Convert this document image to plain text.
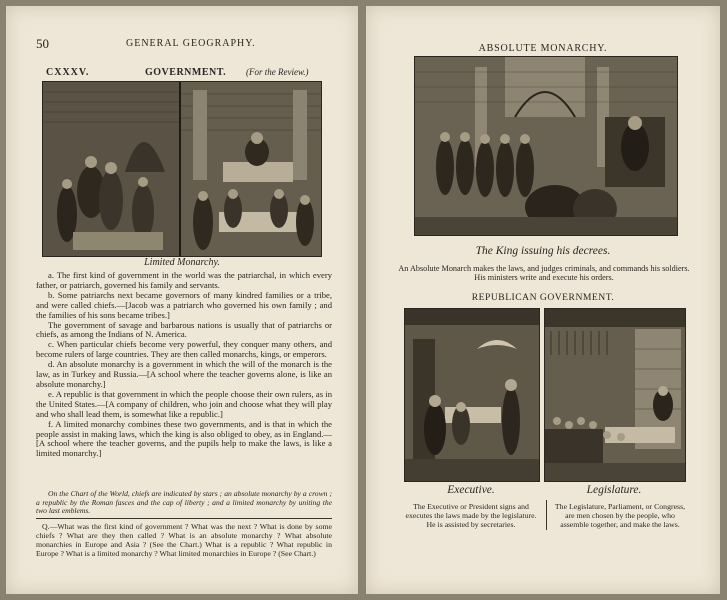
50	GENERAL GEOGRAPHY.
CXXXV.	GOVERNMENT. (For the Review.)
Limited Monarchy.

a. The first kind of government in the world was the patriarchal, in which every father, or patriarch, governed his family and servants.

b. Some patriarchs next became governors of many kindred families or a tribe, and were called chiefs.—[Jacob was a patriarch who governed his own family ; and the families of his sons became tribes.]

The government of savage and barbarous nations is usually that of patriarchs or chiefs, as among the Indians of N. America.

c. When particular chiefs become very powerful, they conquer many others, and become rulers of large countries. They are then called monarchs, kings, or emperors.

d. An absolute monarchy is a government in which the will of the monarch is the law, as in Turkey and Russia.—[A school where the teacher governs alone, is like an absolute monarchy.]

e. A republic is that government in which the people choose their own rulers, as in the United States.—[A company of children, who join and choose what they will play and who shall lead them, is somewhat like a republic.]

f. A limited monarchy combines these two governments, and is that in which the people assist in making laws, which the king is also obliged to obey, as in England.—[A school where the teacher governs, and the pupils help to make the laws, is like a limited monarchy.]

On the Chart of the World, chiefs are indicated by stars ; an absolute monarchy by a crown ; a republic by the Roman fasces and the cap of liberty ; and a limited monarchy by uniting the two last emblems.
Q.—What was the first kind of government ? What was the next ? What is done by some chiefs ? What are they then called ? What is an absolute monarchy ? What absolute monarchies in Europe and Asia ? (See the Chart.) What is a republic ? What republic in Europe ? What is a limited monarchy ? What limited monarchies in Europe ? (See Chart.)
ABSOLUTE MONARCHY.
The King issuing his decrees.
An Absolute Monarch makes the laws, and judges criminals, and commands his soldiers. His ministers write and execute his orders.
REPUBLICAN GOVERNMENT.
Executive.	Legislature.
The Executive or President signs and executes the laws made by the legislature. He is assisted by secretaries.
The Legislature, Parliament, or Congress, are men chosen by the people, who assemble together, and make the laws.
